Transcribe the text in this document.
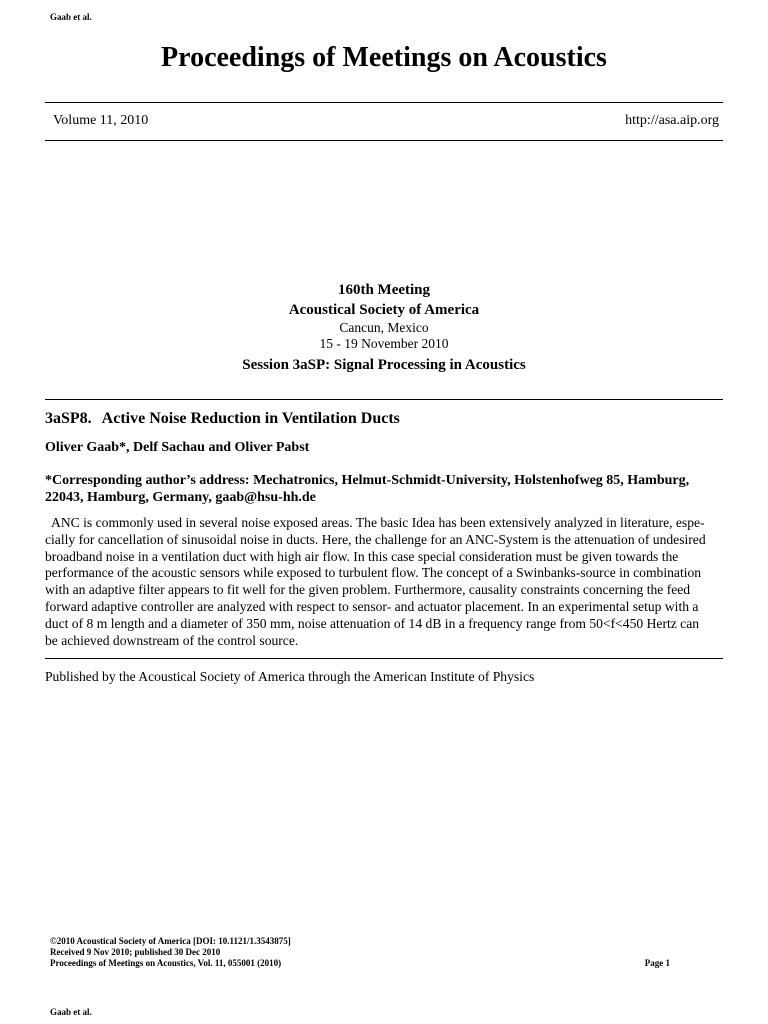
Gaab et al.
Proceedings of Meetings on Acoustics
Volume 11, 2010	http://asa.aip.org
160th Meeting
Acoustical Society of America
Cancun, Mexico
15 - 19 November 2010
Session 3aSP: Signal Processing in Acoustics
3aSP8. Active Noise Reduction in Ventilation Ducts
Oliver Gaab*, Delf Sachau and Oliver Pabst
*Corresponding author’s address: Mechatronics, Helmut-Schmidt-University, Holstenhofweg 85, Hamburg, 22043, Hamburg, Germany, gaab@hsu-hh.de
ANC is commonly used in several noise exposed areas. The basic Idea has been extensively analyzed in literature, espe-
cially for cancellation of sinusoidal noise in ducts. Here, the challenge for an ANC-System is the attenuation of undesired
broadband noise in a ventilation duct with high air flow. In this case special consideration must be given towards the
performance of the acoustic sensors while exposed to turbulent flow. The concept of a Swinbanks-source in combination
with an adaptive filter appears to fit well for the given problem. Furthermore, causality constraints concerning the feed
forward adaptive controller are analyzed with respect to sensor- and actuator placement. In an experimental setup with a
duct of 8 m length and a diameter of 350 mm, noise attenuation of 14 dB in a frequency range from 50<f<450 Hertz can
be achieved downstream of the control source.
Published by the Acoustical Society of America through the American Institute of Physics
©2010 Acoustical Society of America [DOI: 10.1121/1.3543875]
Received 9 Nov 2010; published 30 Dec 2010
Proceedings of Meetings on Acoustics, Vol. 11, 055001 (2010)	Page 1
Gaab et al.
